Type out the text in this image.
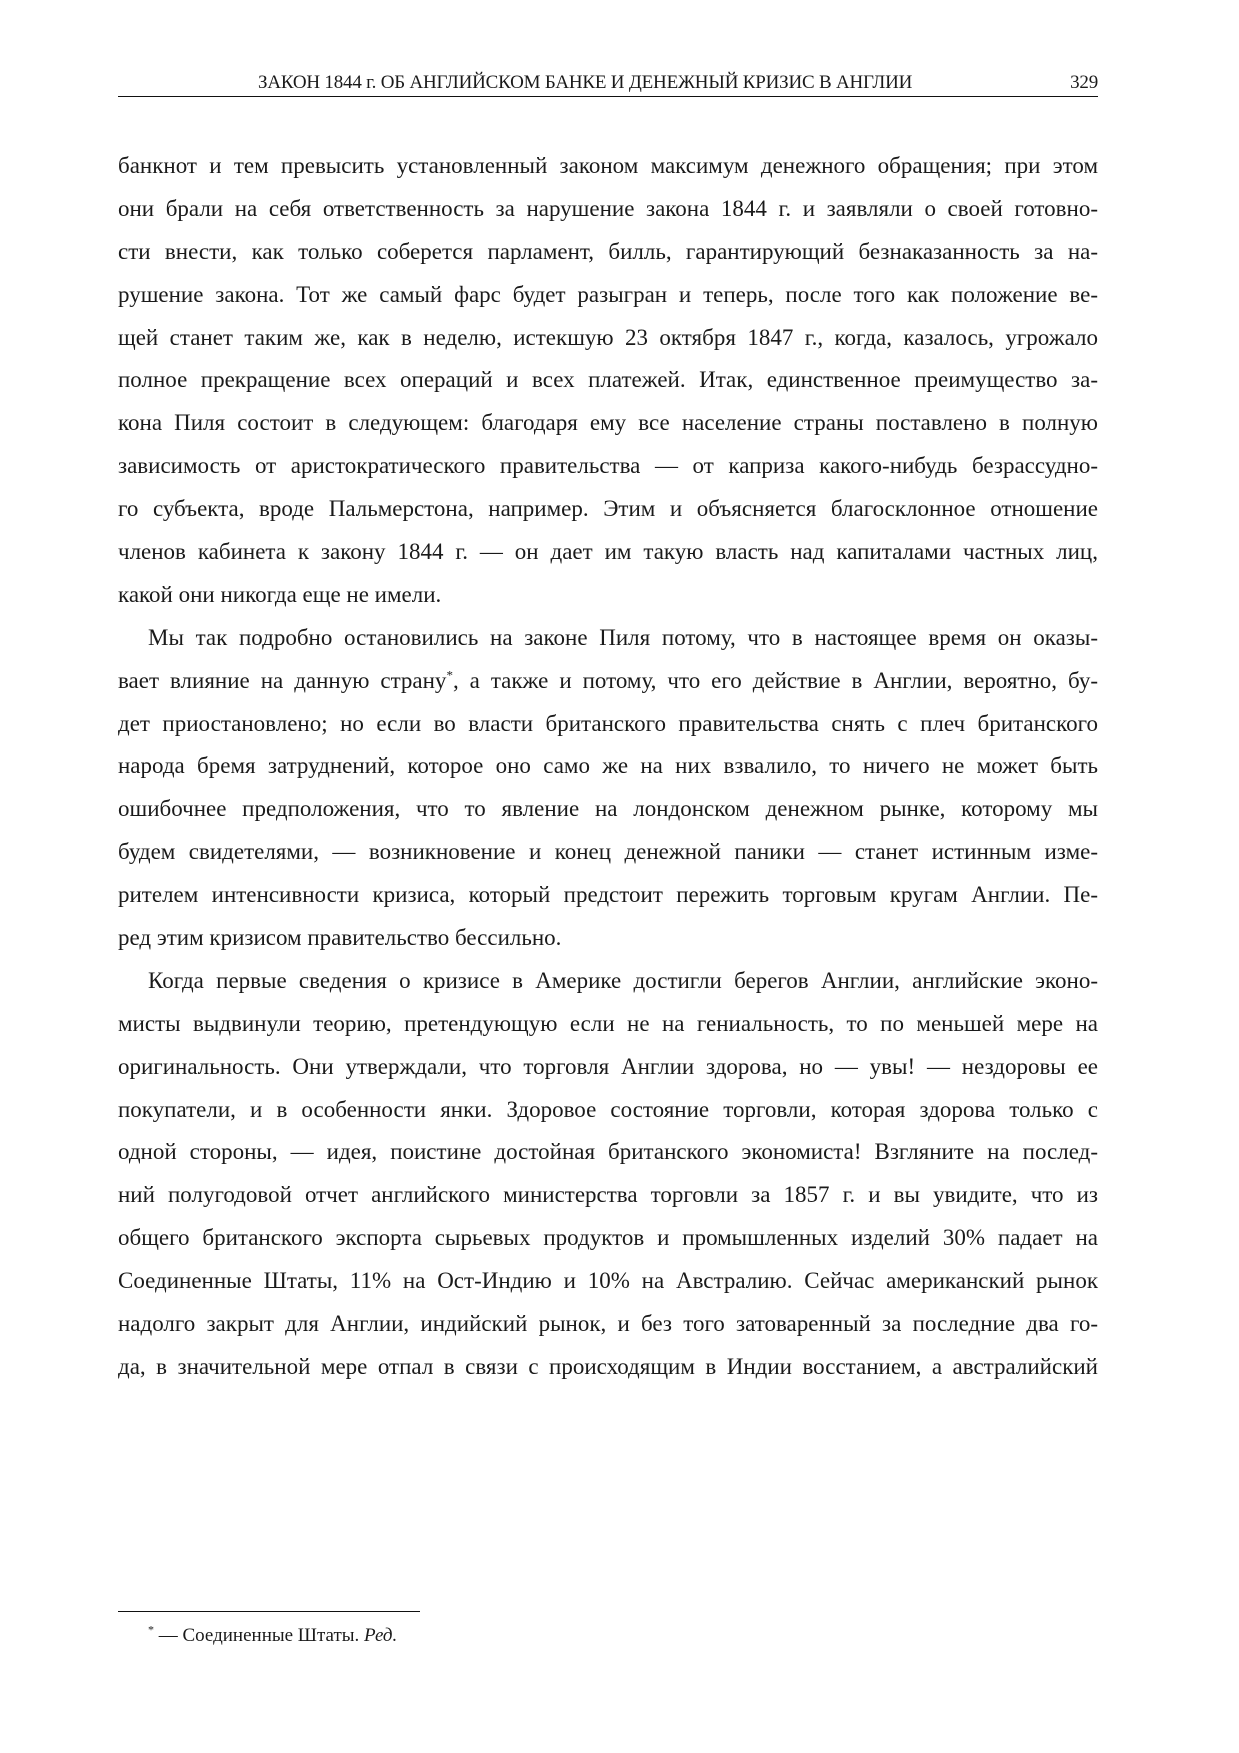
ЗАКОН 1844 г. ОБ АНГЛИЙСКОМ БАНКЕ И ДЕНЕЖНЫЙ КРИЗИС В АНГЛИИ	329
банкнот и тем превысить установленный законом максимум денежного обращения; при этом
они брали на себя ответственность за нарушение закона 1844 г. и заявляли о своей готовно-
сти внести, как только соберется парламент, билль, гарантирующий безнаказанность за на-
рушение закона. Тот же самый фарс будет разыгран и теперь, после того как положение ве-
щей станет таким же, как в неделю, истекшую 23 октября 1847 г., когда, казалось, угрожало
полное прекращение всех операций и всех платежей. Итак, единственное преимущество за-
кона Пиля состоит в следующем: благодаря ему все население страны поставлено в полную
зависимость от аристократического правительства — от каприза какого-нибудь безрассудно-
го субъекта, вроде Пальмерстона, например. Этим и объясняется благосклонное отношение
членов кабинета к закону 1844 г. — он дает им такую власть над капиталами частных лиц,
какой они никогда еще не имели.
Мы так подробно остановились на законе Пиля потому, что в настоящее время он оказы-
вает влияние на данную страну*, а также и потому, что его действие в Англии, вероятно, бу-
дет приостановлено; но если во власти британского правительства снять с плеч британского
народа бремя затруднений, которое оно само же на них взвалило, то ничего не может быть
ошибочнее предположения, что то явление на лондонском денежном рынке, которому мы
будем свидетелями, — возникновение и конец денежной паники — станет истинным изме-
рителем интенсивности кризиса, который предстоит пережить торговым кругам Англии. Пе-
ред этим кризисом правительство бессильно.
Когда первые сведения о кризисе в Америке достигли берегов Англии, английские эконо-
мисты выдвинули теорию, претендующую если не на гениальность, то по меньшей мере на
оригинальность. Они утверждали, что торговля Англии здорова, но — увы! — нездоровы ее
покупатели, и в особенности янки. Здоровое состояние торговли, которая здорова только с
одной стороны, — идея, поистине достойная британского экономиста! Взгляните на послед-
ний полугодовой отчет английского министерства торговли за 1857 г. и вы увидите, что из
общего британского экспорта сырьевых продуктов и промышленных изделий 30% падает на
Соединенные Штаты, 11% на Ост-Индию и 10% на Австралию. Сейчас американский рынок
надолго закрыт для Англии, индийский рынок, и без того затоваренный за последние два го-
да, в значительной мере отпал в связи с происходящим в Индии восстанием, а австралийский
* — Соединенные Штаты. Ред.
